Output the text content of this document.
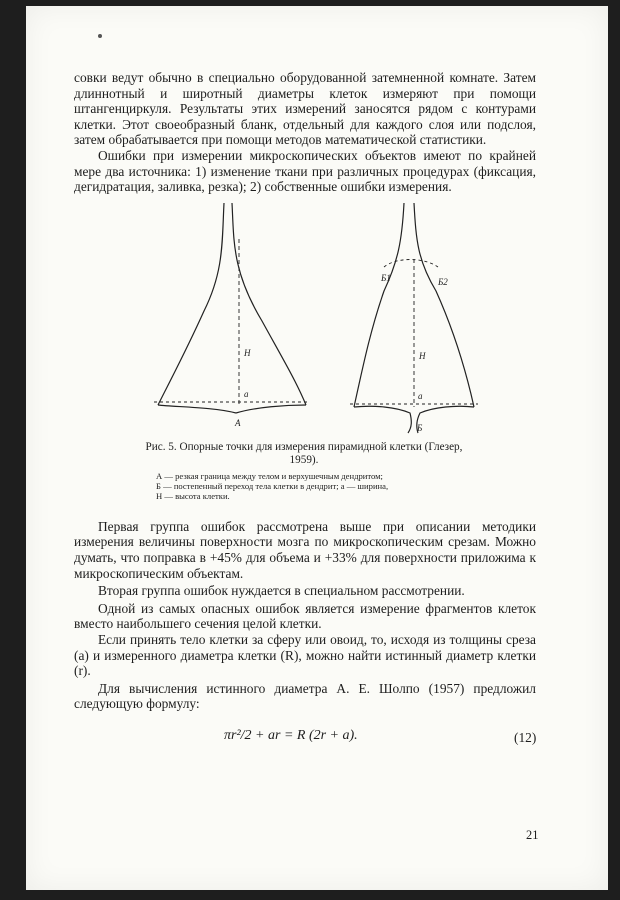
совки ведут обычно в специально оборудованной затемненной комнате. Затем длиннотный и широтный диаметры клеток измеряют при помощи штангенциркуля. Результаты этих измерений заносятся рядом с контурами клетки. Этот своеобразный бланк, отдельный для каждого слоя или подслоя, затем обрабатывается при помощи методов математической статистики.

Ошибки при измерении микроскопических объектов имеют по крайней мере два источника: 1) изменение ткани при различных процедурах (фиксация, дегидратация, заливка, резка); 2) собственные ошибки измерения.

H
a
A
Б1	Б2
H
a
Б
Рис. 5. Опорные точки для измерения пирамидной клетки (Глезер, 1959).
А — резкая граница между телом и верхушечным дендритом;
Б — постепенный переход тела клетки в дендрит; а — ширина,
Н — высота клетки.

Первая группа ошибок рассмотрена выше при описании методики измерения величины поверхности мозга по микроскопическим срезам. Можно думать, что поправка в +45% для объема и +33% для поверхности приложима к микроскопическим объектам.

Вторая группа ошибок нуждается в специальном рассмотрении.

Одной из самых опасных ошибок является измерение фрагментов клеток вместо наибольшего сечения целой клетки.

Если принять тело клетки за сферу или овоид, то, исходя из толщины среза (a) и измеренного диаметра клетки (R), можно найти истинный диаметр клетки (r).

Для вычисления истинного диаметра А. Е. Шолпо (1957) предложил следующую формулу:

πr²/2 + ar = R (2r + a).	(12)
21
